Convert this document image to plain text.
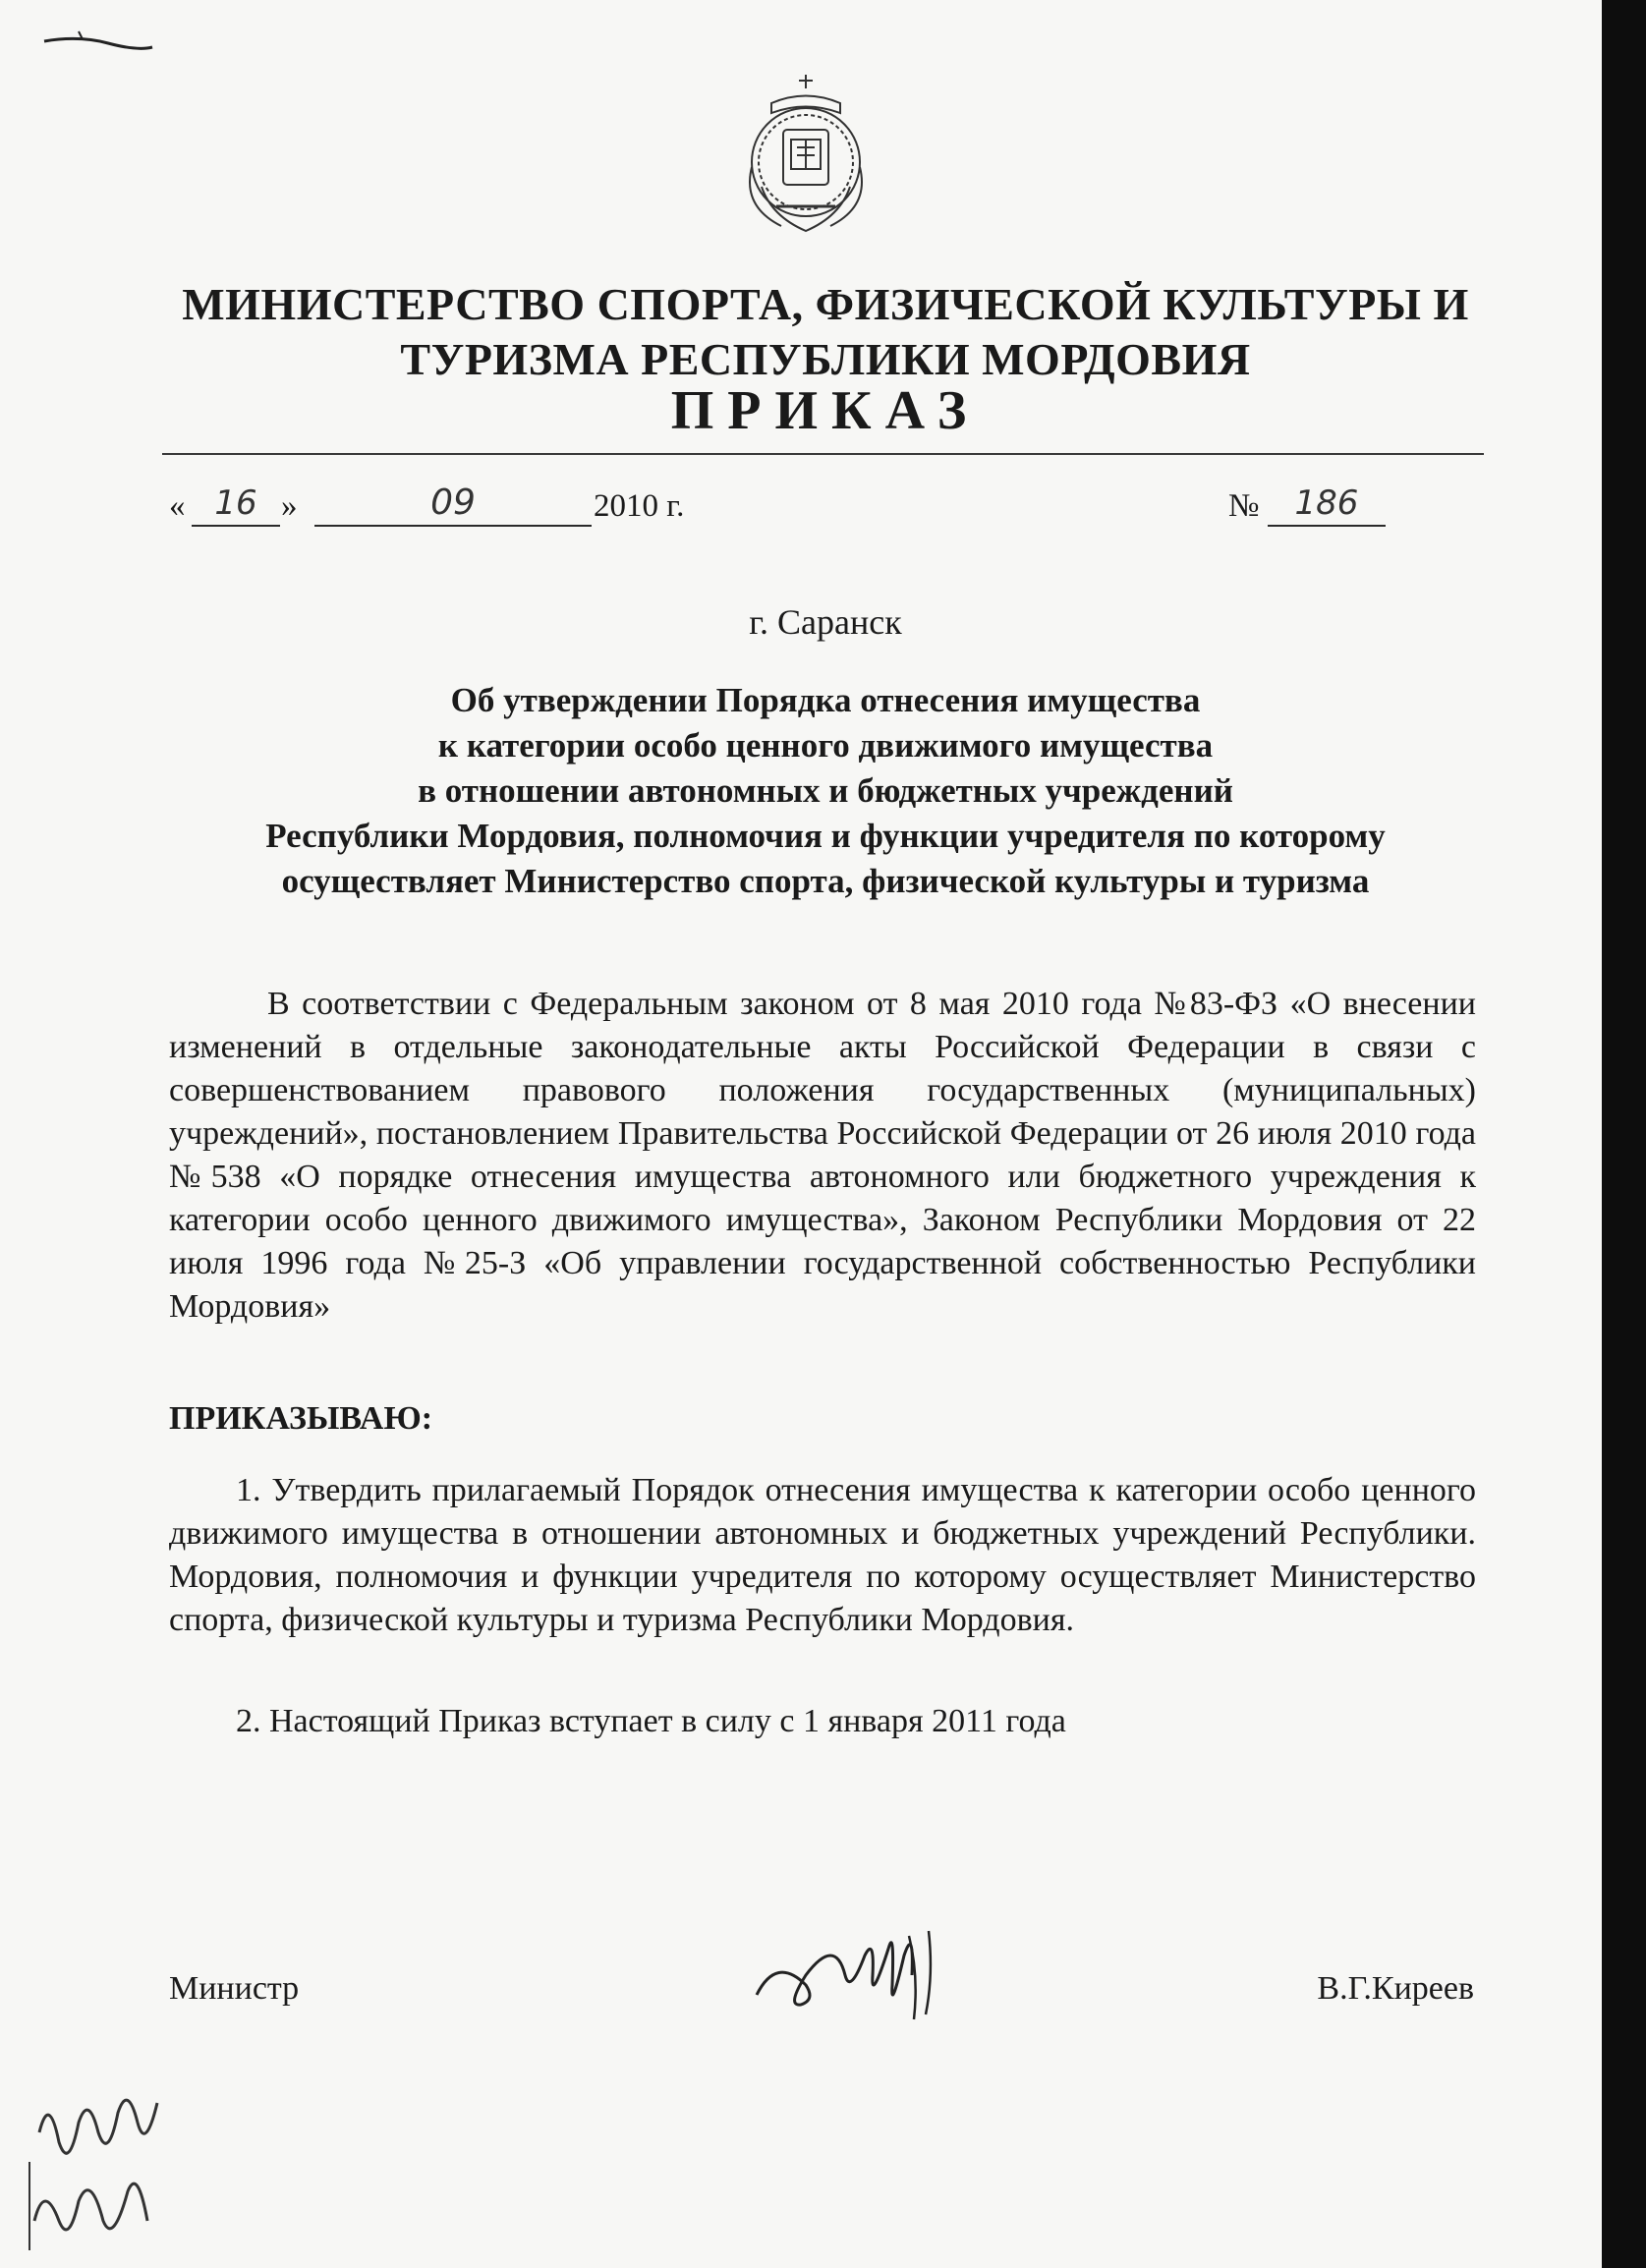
МИНИСТЕРСТВО СПОРТА, ФИЗИЧЕСКОЙ КУЛЬТУРЫ И
ТУРИЗМА РЕСПУБЛИКИ МОРДОВИЯ
ПРИКАЗ
« 16 »	09	2010 г.	№	186
г. Саранск
Об утверждении Порядка отнесения имущества
к категории особо ценного движимого имущества
в отношении автономных и бюджетных учреждений
Республики Мордовия, полномочия и функции учредителя по которому
осуществляет Министерство спорта, физической культуры и туризма
В соответствии с Федеральным законом от 8 мая 2010 года №83-ФЗ «О внесении изменений в отдельные законодательные акты Российской Федерации в связи с совершенствованием правового положения государственных (муниципальных) учреждений», постановлением Правительства Российской Федерации от 26 июля 2010 года №538 «О порядке отнесения имущества автономного или бюджетного учреждения к категории особо ценного движимого имущества», Законом Республики Мордовия от 22 июля 1996 года №25-З «Об управлении государственной собственностью Республики Мордовия»
ПРИКАЗЫВАЮ:
1. Утвердить прилагаемый Порядок отнесения имущества к категории особо ценного движимого имущества в отношении автономных и бюджетных учреждений Республики. Мордовия, полномочия и функции учредителя по которому осуществляет Министерство спорта, физической культуры и туризма Республики Мордовия.
2. Настоящий Приказ вступает в силу с 1 января 2011 года
Министр	В.Г.Киреев
